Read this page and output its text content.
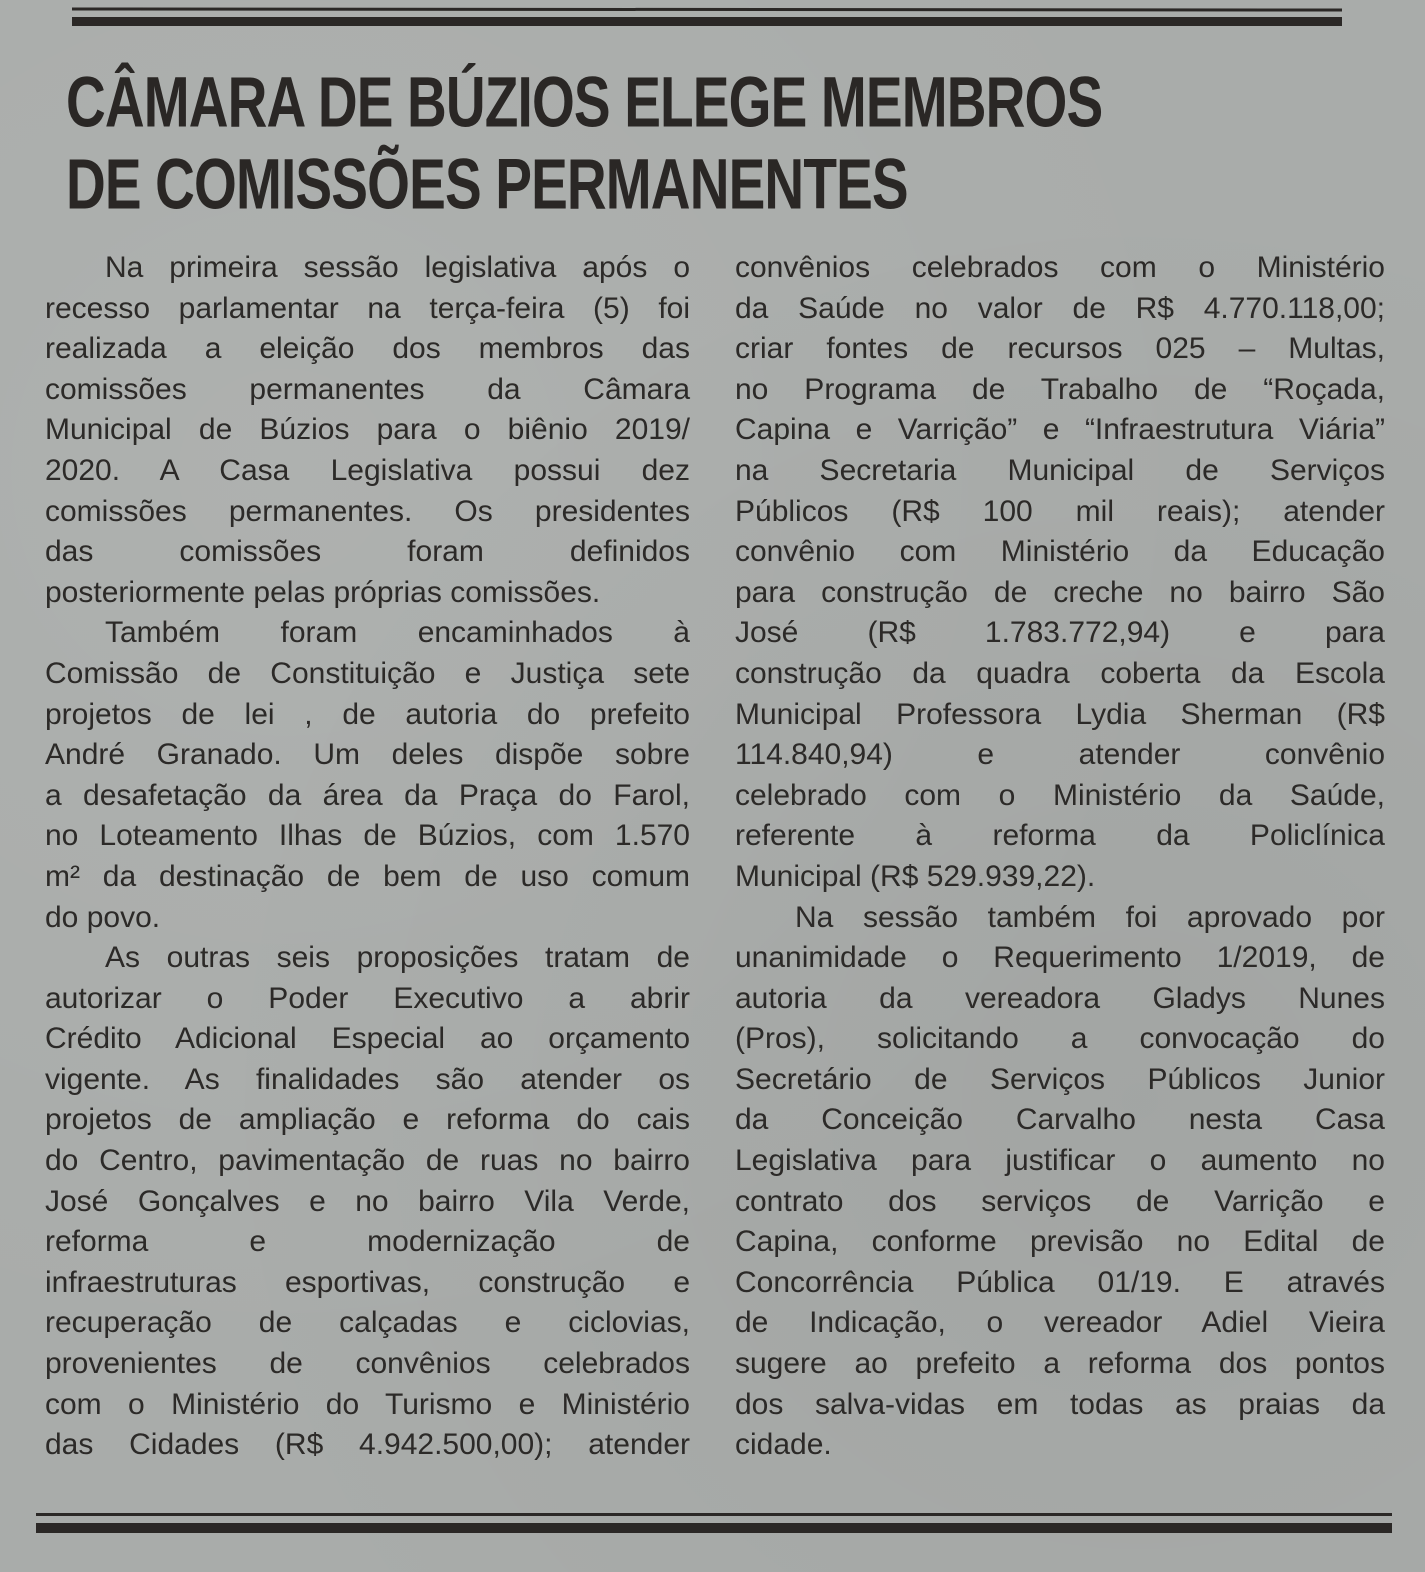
CÂMARA DE BÚZIOS ELEGE MEMBROS
DE COMISSÕES PERMANENTES
Na primeira sessão legislativa após o
recesso parlamentar na terça-feira (5) foi
realizada a eleição dos membros das
comissões permanentes da Câmara
Municipal de Búzios para o biênio 2019/
2020. A Casa Legislativa possui dez
comissões permanentes. Os presidentes
das comissões foram definidos
posteriormente pelas próprias comissões.
Também foram encaminhados à
Comissão de Constituição e Justiça sete
projetos de lei , de autoria do prefeito
André Granado. Um deles dispõe sobre
a desafetação da área da Praça do Farol,
no Loteamento Ilhas de Búzios, com 1.570
m² da destinação de bem de uso comum
do povo.
As outras seis proposições tratam de
autorizar o Poder Executivo a abrir
Crédito Adicional Especial ao orçamento
vigente. As finalidades são atender os
projetos de ampliação e reforma do cais
do Centro, pavimentação de ruas no bairro
José Gonçalves e no bairro Vila Verde,
reforma e modernização de
infraestruturas esportivas, construção e
recuperação de calçadas e ciclovias,
provenientes de convênios celebrados
com o Ministério do Turismo e Ministério
das Cidades (R$ 4.942.500,00); atender
convênios celebrados com o Ministério
da Saúde no valor de R$ 4.770.118,00;
criar fontes de recursos 025 – Multas,
no Programa de Trabalho de “Roçada,
Capina e Varrição” e “Infraestrutura Viária”
na Secretaria Municipal de Serviços
Públicos (R$ 100 mil reais); atender
convênio com Ministério da Educação
para construção de creche no bairro São
José (R$ 1.783.772,94) e para
construção da quadra coberta da Escola
Municipal Professora Lydia Sherman (R$
114.840,94) e atender convênio
celebrado com o Ministério da Saúde,
referente à reforma da Policlínica
Municipal (R$ 529.939,22).
Na sessão também foi aprovado por
unanimidade o Requerimento 1/2019, de
autoria da vereadora Gladys Nunes
(Pros), solicitando a convocação do
Secretário de Serviços Públicos Junior
da Conceição Carvalho nesta Casa
Legislativa para justificar o aumento no
contrato dos serviços de Varrição e
Capina, conforme previsão no Edital de
Concorrência Pública 01/19. E através
de Indicação, o vereador Adiel Vieira
sugere ao prefeito a reforma dos pontos
dos salva-vidas em todas as praias da
cidade.
